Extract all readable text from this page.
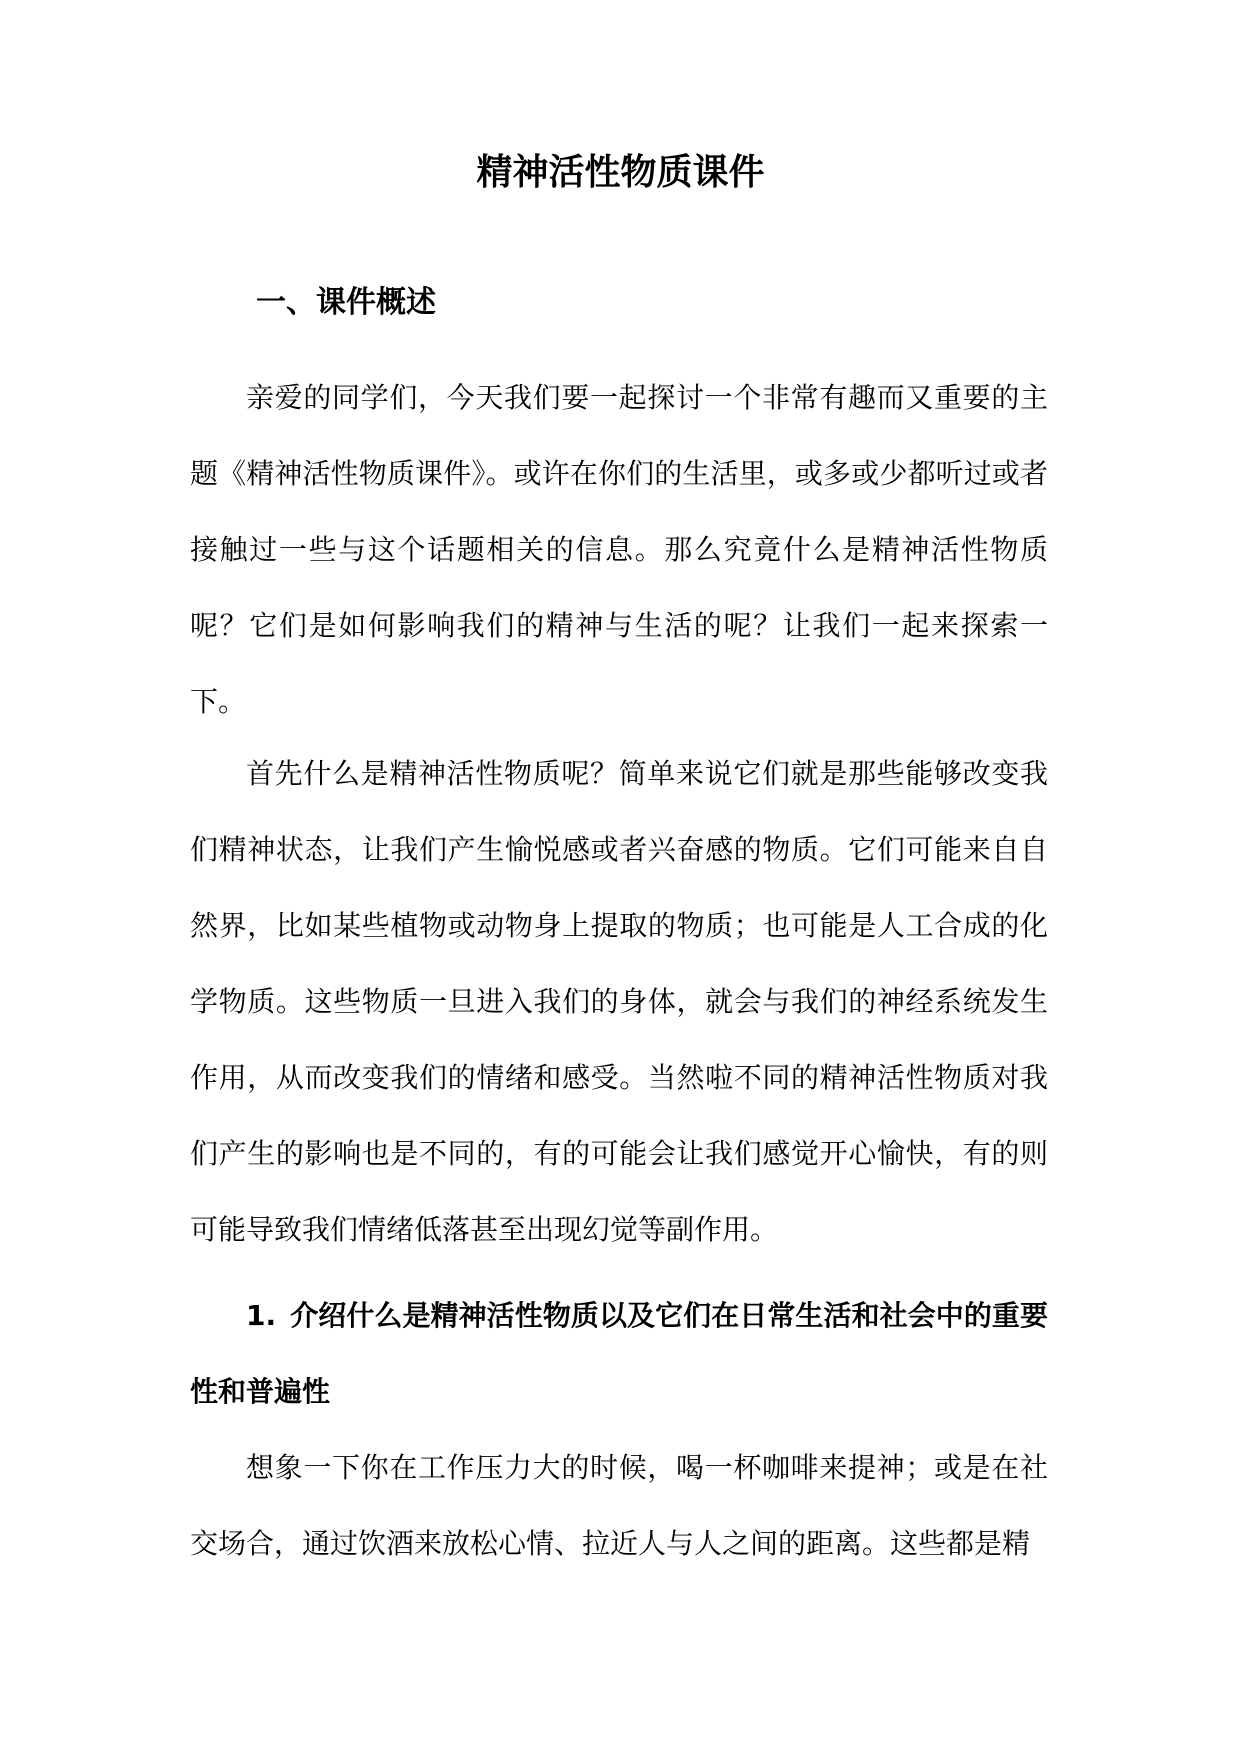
精神活性物质课件
一、课件概述

亲爱的同学们，今天我们要一起探讨一个非常有趣而又重要的主题《精神活性物质课件》。或许在你们的生活里，或多或少都听过或者接触过一些与这个话题相关的信息。那么究竟什么是精神活性物质呢？它们是如何影响我们的精神与生活的呢？让我们一起来探索一下。

首先什么是精神活性物质呢？简单来说它们就是那些能够改变我们精神状态，让我们产生愉悦感或者兴奋感的物质。它们可能来自自然界，比如某些植物或动物身上提取的物质；也可能是人工合成的化学物质。这些物质一旦进入我们的身体，就会与我们的神经系统发生作用，从而改变我们的情绪和感受。当然啦不同的精神活性物质对我们产生的影响也是不同的，有的可能会让我们感觉开心愉快，有的则可能导致我们情绪低落甚至出现幻觉等副作用。

1. 介绍什么是精神活性物质以及它们在日常生活和社会中的重要性和普遍性

想象一下你在工作压力大的时候，喝一杯咖啡来提神；或是在社交场合，通过饮酒来放松心情、拉近人与人之间的距离。这些都是精
